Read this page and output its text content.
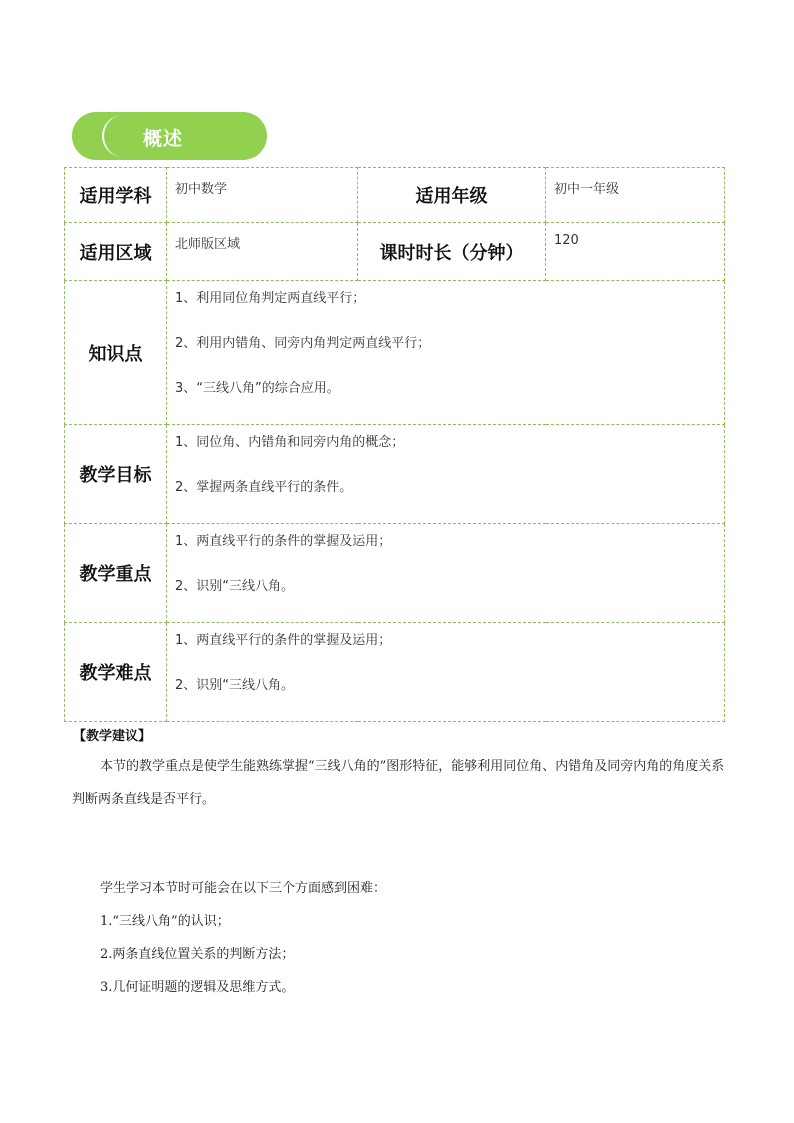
概述
适用学科	初中数学	适用年级	初中一年级
适用区域	北师版区域	课时时长（分钟）	120
知识点	1、利用同位角判定两直线平行；
2、利用内错角、同旁内角判定两直线平行；
3、“三线八角”的综合应用。		

教学目标	1、同位角、内错角和同旁内角的概念；
2、掌握两条直线平行的条件。		

教学重点	1、两直线平行的条件的掌握及运用；
2、识别“三线八角。		

教学难点	1、两直线平行的条件的掌握及运用；
2、识别“三线八角。		
【教学建议】
本节的教学重点是使学生能熟练掌握“三线八角的”图形特征，能够利用同位角、内错角及同旁内角的角度关系判断两条直线是否平行。
学生学习本节时可能会在以下三个方面感到困难：
1.“三线八角”的认识；
2.两条直线位置关系的判断方法；
3.几何证明题的逻辑及思维方式。
